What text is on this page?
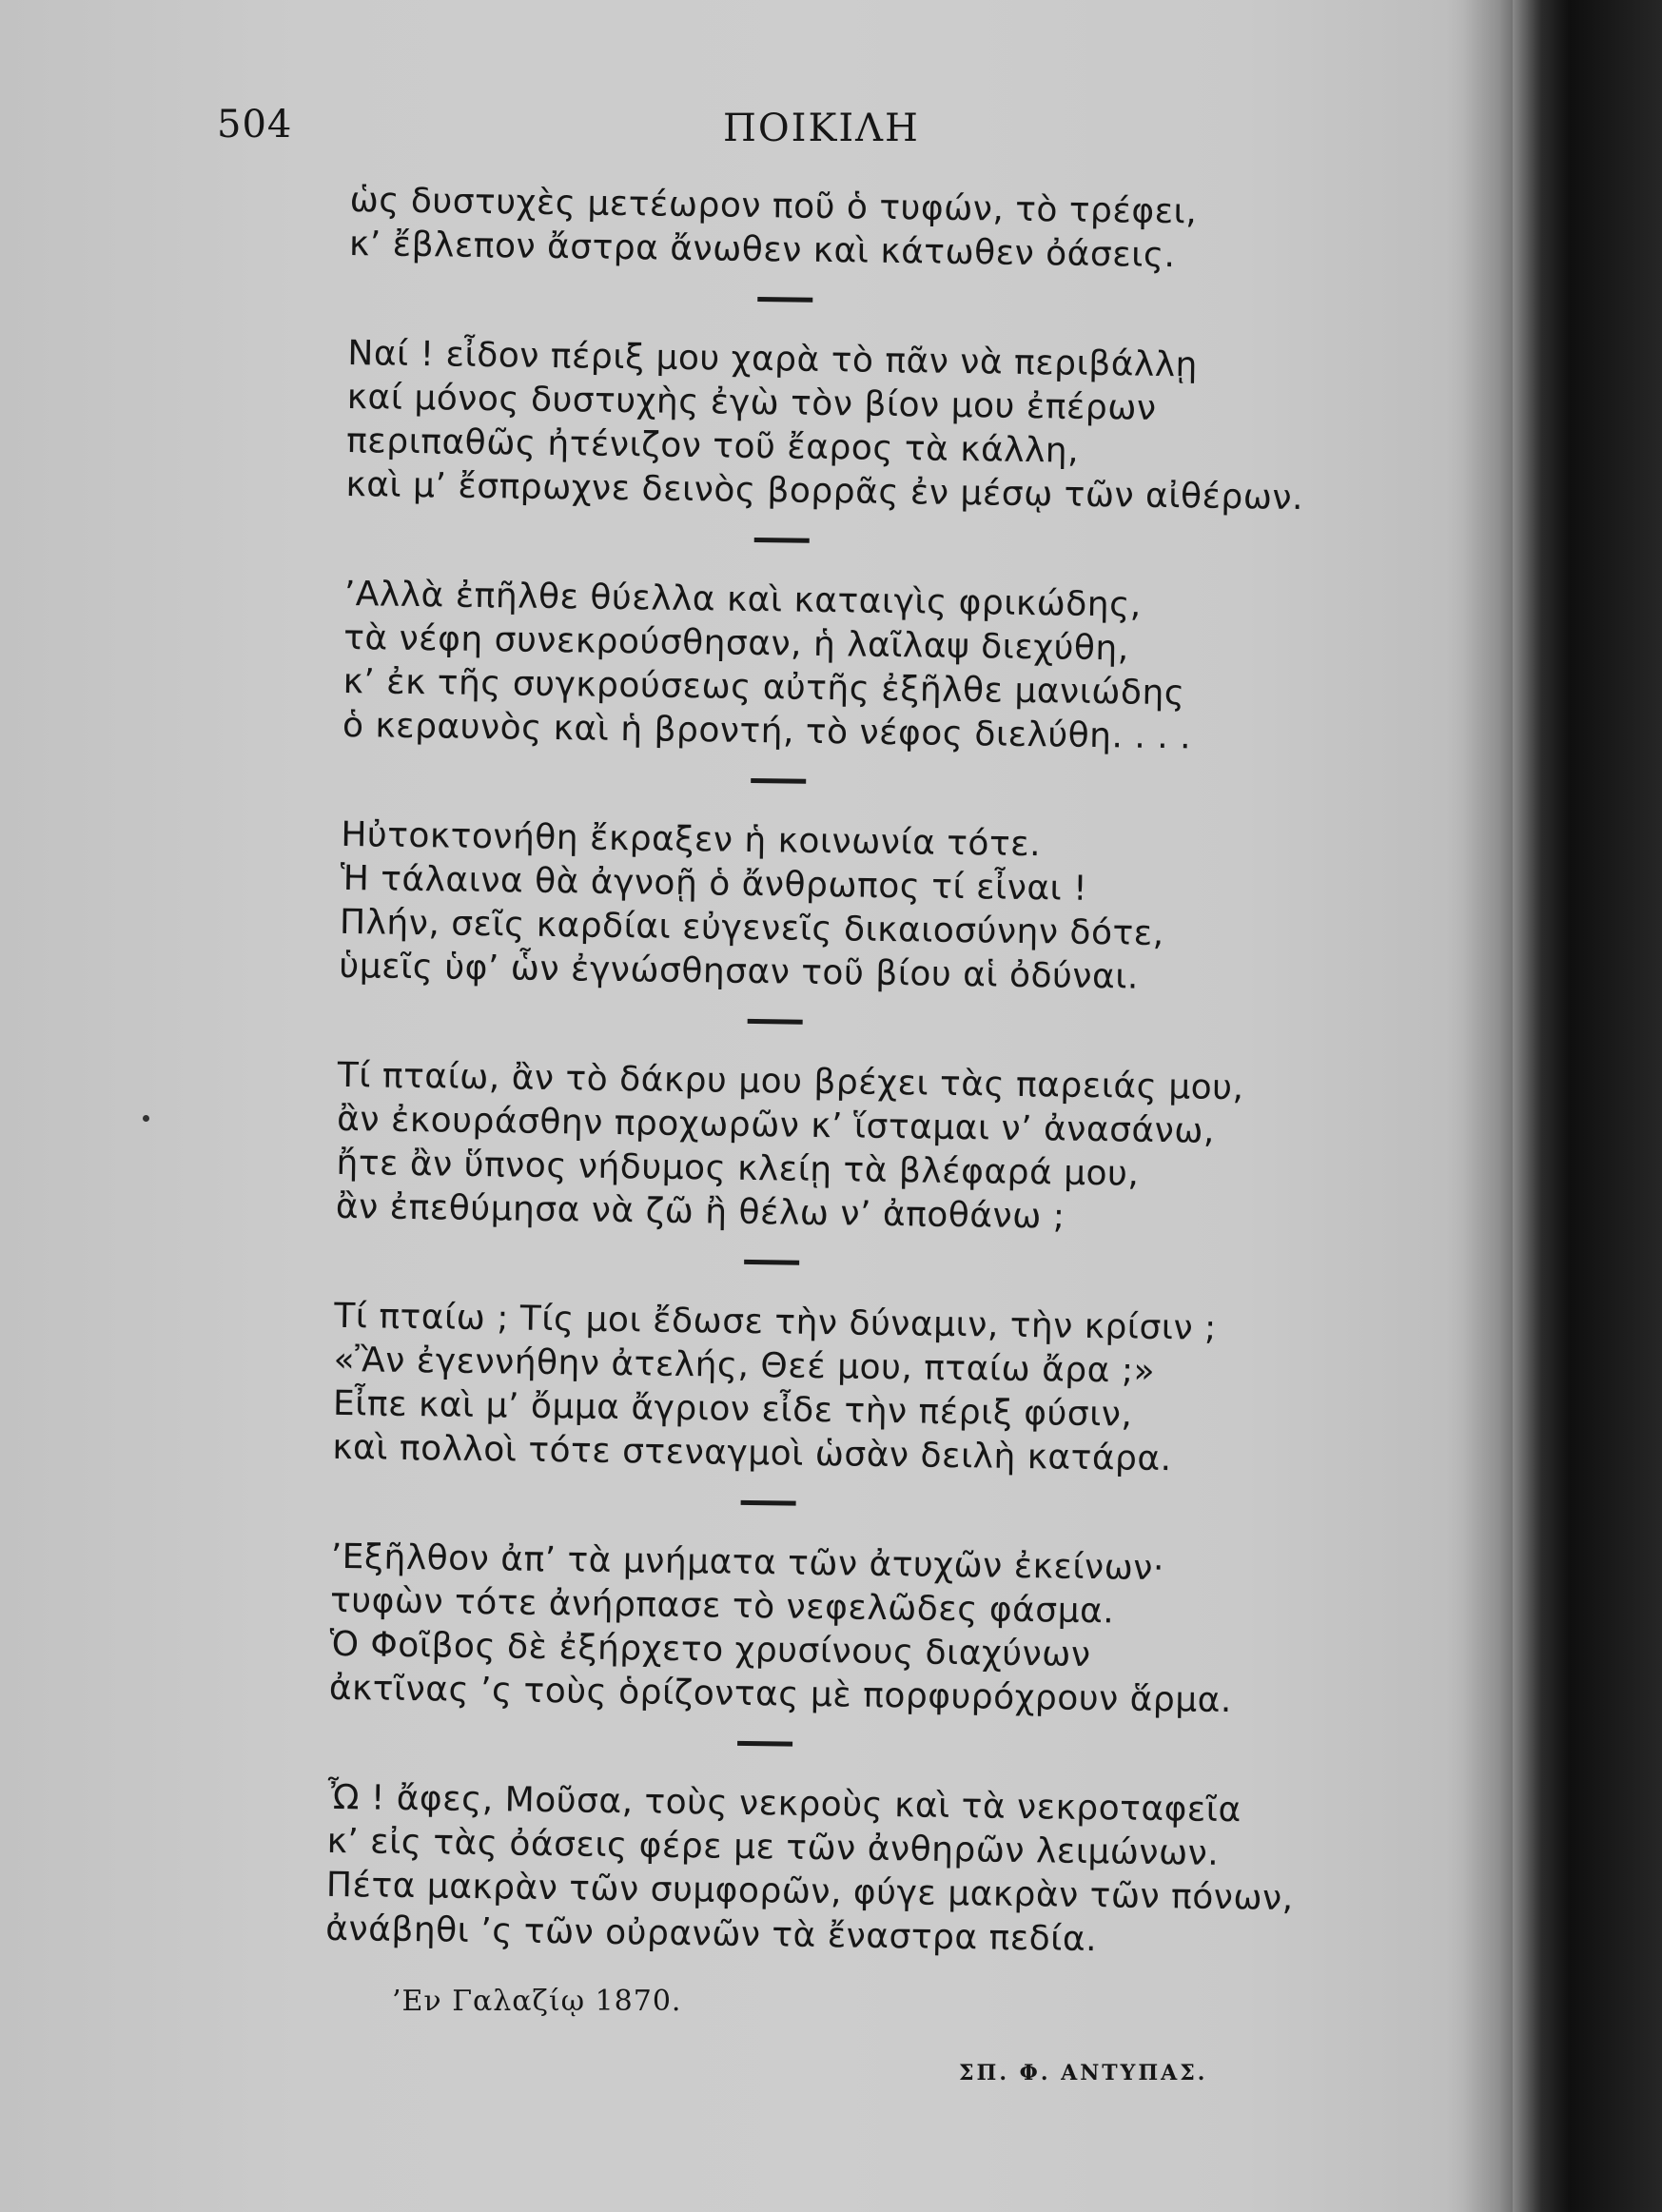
504	ΠΟΙΚΙΛΗ
ὡς δυστυχὲς μετέωρον ποῦ ὁ τυφών, τὸ τρέφει,
κ’ ἔβλεπον ἄστρα ἄνωθεν καὶ κάτωθεν ὀάσεις.
Ναί ! εἶδον πέριξ μου χαρὰ τὸ πᾶν νὰ περιβάλλῃ
καί μόνος δυστυχὴς ἐγὼ τὸν βίον μου ἐπέρων
περιπαθῶς ἠτένιζον τοῦ ἔαρος τὰ κάλλη,
καὶ μ’ ἔσπρωχνε δεινὸς βορρᾶς ἐν μέσῳ τῶν αἰθέρων.
’Αλλὰ ἐπῆλθε θύελλα καὶ καταιγὶς φρικώδης,
τὰ νέφη συνεκρούσθησαν, ἡ λαῖλαψ διεχύθη,
κ’ ἐκ τῆς συγκρούσεως αὐτῆς ἐξῆλθε μανιώδης
ὁ κεραυνὸς καὶ ἡ βροντή, τὸ νέφος διελύθη. . . .
Ηὐτοκτονήθη ἔκραξεν ἡ κοινωνία τότε.
Ἡ τάλαινα θὰ ἀγνοῇ ὁ ἄνθρωπος τί εἶναι !
Πλήν, σεῖς καρδίαι εὐγενεῖς δικαιοσύνην δότε,
ὑμεῖς ὑφ’ ὧν ἐγνώσθησαν τοῦ βίου αἱ ὀδύναι.
Τί πταίω, ἂν τὸ δάκρυ μου βρέχει τὰς παρειάς μου,
ἂν ἐκουράσθην προχωρῶν κ’ ἵσταμαι ν’ ἀνασάνω,
ἤτε ἂν ὕπνος νήδυμος κλείῃ τὰ βλέφαρά μου,
ἂν ἐπεθύμησα νὰ ζῶ ἢ θέλω ν’ ἀποθάνω ;
Τί πταίω ; Τίς μοι ἔδωσε τὴν δύναμιν, τὴν κρίσιν ;
«Ἂν ἐγεννήθην ἀτελής, Θεέ μου, πταίω ἄρα ;»
Εἶπε καὶ μ’ ὄμμα ἄγριον εἶδε τὴν πέριξ φύσιν,
καὶ πολλοὶ τότε στεναγμοὶ ὡσὰν δειλὴ κατάρα.
’Εξῆλθον ἀπ’ τὰ μνήματα τῶν ἀτυχῶν ἐκείνων·
τυφὼν τότε ἀνήρπασε τὸ νεφελῶδες φάσμα.
Ὁ Φοῖβος δὲ ἐξήρχετο χρυσίνους διαχύνων
ἀκτῖνας ’ς τοὺς ὁρίζοντας μὲ πορφυρόχρουν ἅρμα.
Ὦ ! ἄφες, Μοῦσα, τοὺς νεκροὺς καὶ τὰ νεκροταφεῖα
κ’ εἰς τὰς ὀάσεις φέρε με τῶν ἀνθηρῶν λειμώνων.
Πέτα μακρὰν τῶν συμφορῶν, φύγε μακρὰν τῶν πόνων,
ἀνάβηθι ’ς τῶν οὐρανῶν τὰ ἔναστρα πεδία.
’Εν Γαλαζίῳ 1870.
ΣΠ. Φ. ΑΝΤΥΠΑΣ.
